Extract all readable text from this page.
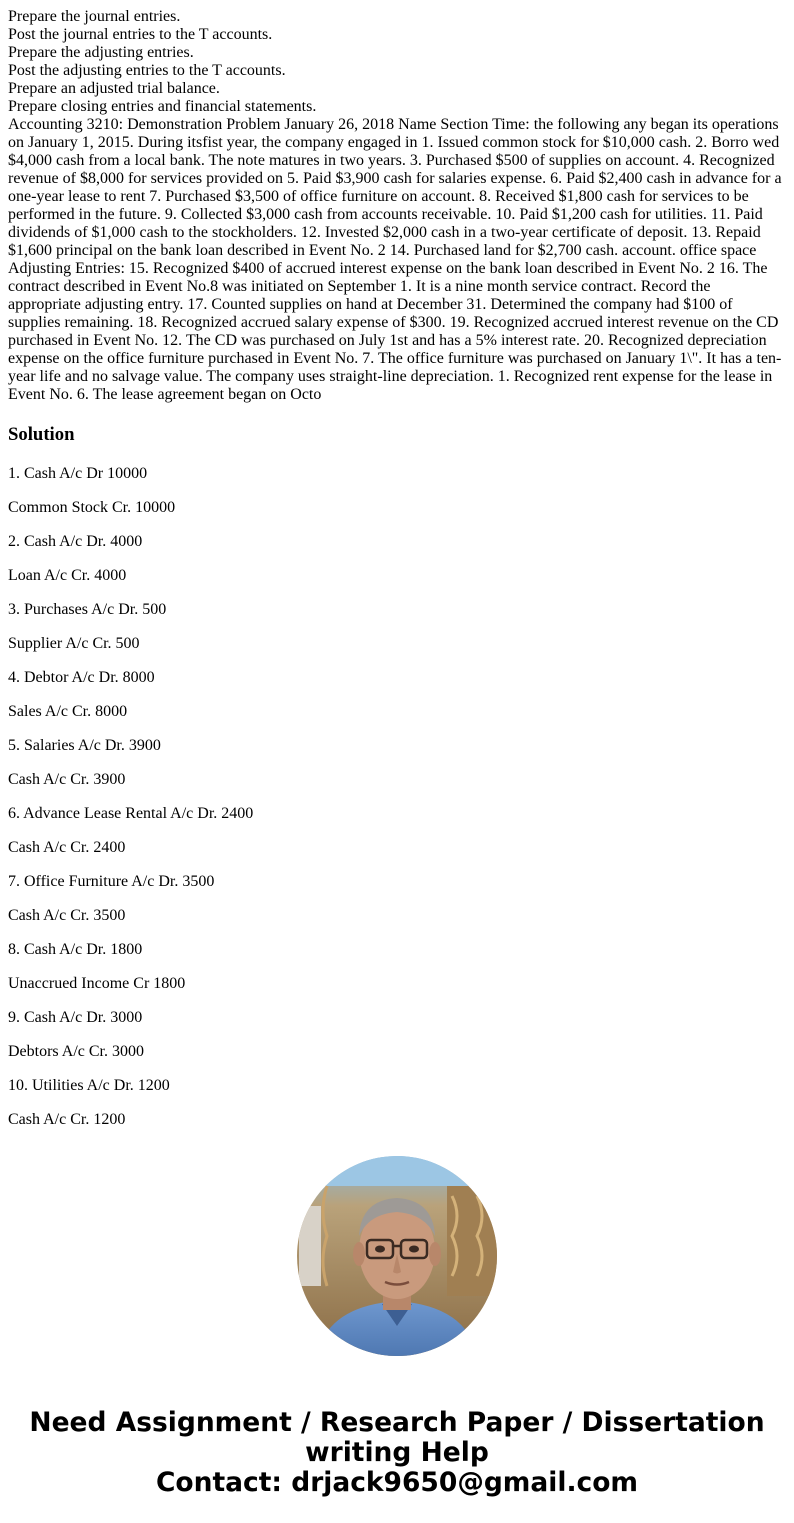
Prepare the journal entries.
Post the journal entries to the T accounts.
Prepare the adjusting entries.
Post the adjusting entries to the T accounts.
Prepare an adjusted trial balance.
Prepare closing entries and financial statements.
Accounting 3210: Demonstration Problem January 26, 2018 Name Section Time: the following any began its operations on January 1, 2015. During itsfist year, the company engaged in 1. Issued common stock for $10,000 cash. 2. Borro wed $4,000 cash from a local bank. The note matures in two years. 3. Purchased $500 of supplies on account. 4. Recognized revenue of $8,000 for services provided on 5. Paid $3,900 cash for salaries expense. 6. Paid $2,400 cash in advance for a one-year lease to rent 7. Purchased $3,500 of office furniture on account. 8. Received $1,800 cash for services to be performed in the future. 9. Collected $3,000 cash from accounts receivable. 10. Paid $1,200 cash for utilities. 11. Paid dividends of $1,000 cash to the stockholders. 12. Invested $2,000 cash in a two-year certificate of deposit. 13. Repaid $1,600 principal on the bank loan described in Event No. 2 14. Purchased land for $2,700 cash. account. office space Adjusting Entries: 15. Recognized $400 of accrued interest expense on the bank loan described in Event No. 2 16. The contract described in Event No.8 was initiated on September 1. It is a nine month service contract. Record the appropriate adjusting entry. 17. Counted supplies on hand at December 31. Determined the company had $100 of supplies remaining. 18. Recognized accrued salary expense of $300. 19. Recognized accrued interest revenue on the CD purchased in Event No. 12. The CD was purchased on July 1st and has a 5% interest rate. 20. Recognized depreciation expense on the office furniture purchased in Event No. 7. The office furniture was purchased on January 1\". It has a ten-year life and no salvage value. The company uses straight-line depreciation. 1. Recognized rent expense for the lease in Event No. 6. The lease agreement began on Octo
Solution

1. Cash A/c Dr 10000

Common Stock Cr. 10000

2. Cash A/c Dr. 4000

Loan A/c Cr. 4000

3. Purchases A/c Dr. 500

Supplier A/c Cr. 500

4. Debtor A/c Dr. 8000

Sales A/c Cr. 8000

5. Salaries A/c Dr. 3900

Cash A/c Cr. 3900

6. Advance Lease Rental A/c Dr. 2400

Cash A/c Cr. 2400

7. Office Furniture A/c Dr. 3500

Cash A/c Cr. 3500

8. Cash A/c Dr. 1800

Unaccrued Income Cr 1800

9. Cash A/c Dr. 3000

Debtors A/c Cr. 3000

10. Utilities A/c Dr. 1200

Cash A/c Cr. 1200

Need Assignment / Research Paper / Dissertation
writing Help
Contact: drjack9650@gmail.com
